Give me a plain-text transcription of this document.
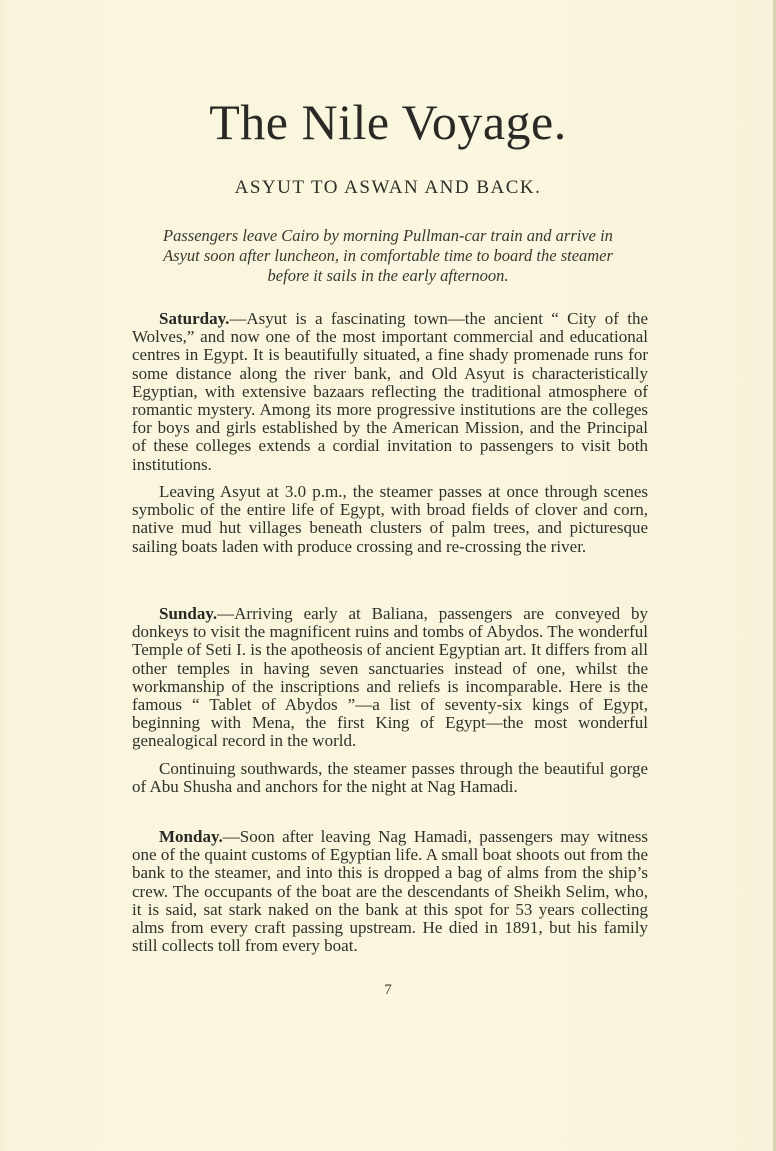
The Nile Voyage.
ASYUT TO ASWAN AND BACK.
Passengers leave Cairo by morning Pullman-car train and arrive in Asyut soon after luncheon, in comfortable time to board the steamer before it sails in the early afternoon.

Saturday.—Asyut is a fascinating town—the ancient “ City of the Wolves,” and now one of the most important commercial and educational centres in Egypt. It is beautifully situated, a fine shady promenade runs for some distance along the river bank, and Old Asyut is characteristically Egyptian, with extensive bazaars reflecting the traditional atmosphere of romantic mystery. Among its more progressive institutions are the colleges for boys and girls established by the American Mission, and the Principal of these colleges extends a cordial invitation to passengers to visit both institutions.

Leaving Asyut at 3.0 p.m., the steamer passes at once through scenes symbolic of the entire life of Egypt, with broad fields of clover and corn, native mud hut villages beneath clusters of palm trees, and picturesque sailing boats laden with produce crossing and re-crossing the river.

Sunday.—Arriving early at Baliana, passengers are conveyed by donkeys to visit the magnificent ruins and tombs of Abydos. The wonderful Temple of Seti I. is the apotheosis of ancient Egyptian art. It differs from all other temples in having seven sanctuaries instead of one, whilst the workmanship of the inscriptions and reliefs is incomparable. Here is the famous “ Tablet of Abydos ”—a list of seventy-six kings of Egypt, beginning with Mena, the first King of Egypt—the most wonderful genealogical record in the world.

Continuing southwards, the steamer passes through the beautiful gorge of Abu Shusha and anchors for the night at Nag Hamadi.

Monday.—Soon after leaving Nag Hamadi, passengers may witness one of the quaint customs of Egyptian life. A small boat shoots out from the bank to the steamer, and into this is dropped a bag of alms from the ship’s crew. The occupants of the boat are the descendants of Sheikh Selim, who, it is said, sat stark naked on the bank at this spot for 53 years collecting alms from every craft passing upstream. He died in 1891, but his family still collects toll from every boat.

7
